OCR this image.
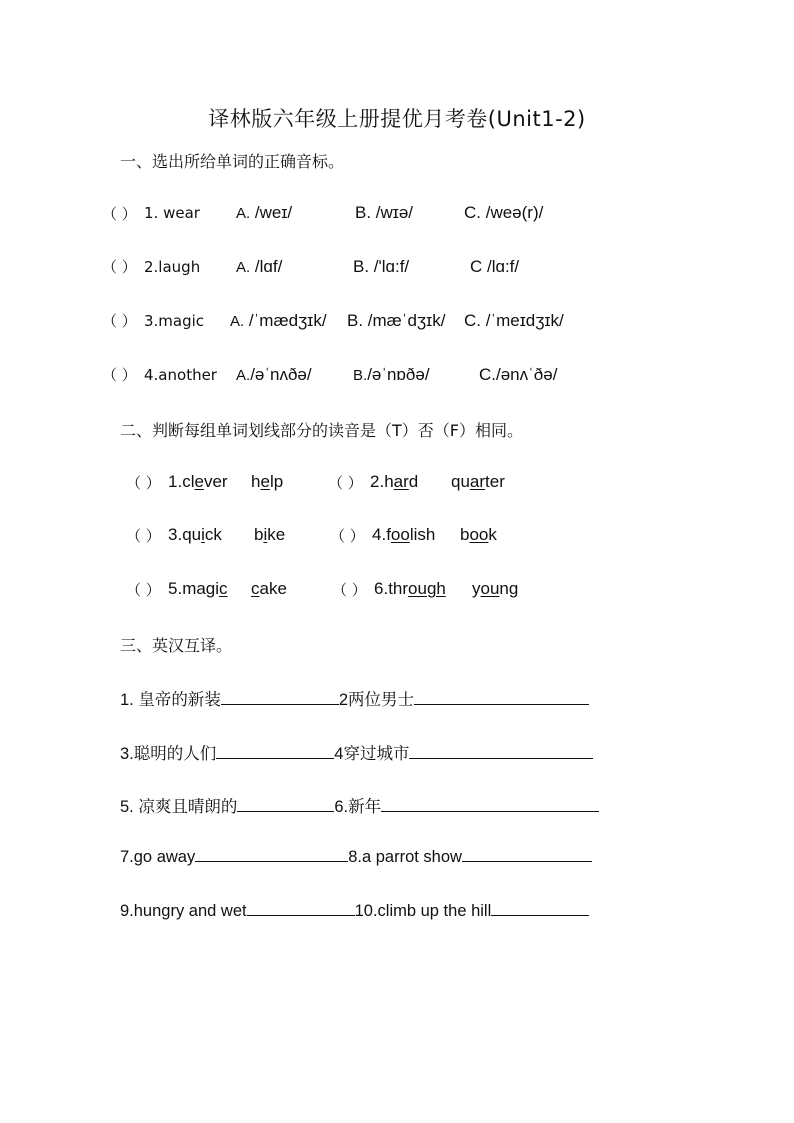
译林版六年级上册提优月考卷(Unit1-2)
一、选出所给单词的正确音标。
（ ） 1. wear A. /weɪ/	B. /wɪə/	C. /weə(r)/
（ ） 2.laugh A. /lɑf/	B. /'lɑ:f/	C /lɑ:f/
（ ） 3.magic A. /ˈmædʒɪk/ B. /mæˈdʒɪk/ C. /ˈmeɪdʒɪk/
（ ） 4.another A./əˈnʌðə/	B./əˈnɒðə/	C./ənʌˈðə/
二、判断每组单词划线部分的读音是（T）否（F）相同。
（ ） 1.clever help	（ ） 2.hard quarter
（ ） 3.quick bike	（ ） 4.foolish book
（ ） 5.magic cake	（ ） 6.through young
三、英汉互译。
1. 皇帝的新装	2两位男士
3.聪明的人们	4穿过城市
5. 凉爽且晴朗的	6.新年
7.go away	8.a parrot show
9.hungry and wet	10.climb up the hill
